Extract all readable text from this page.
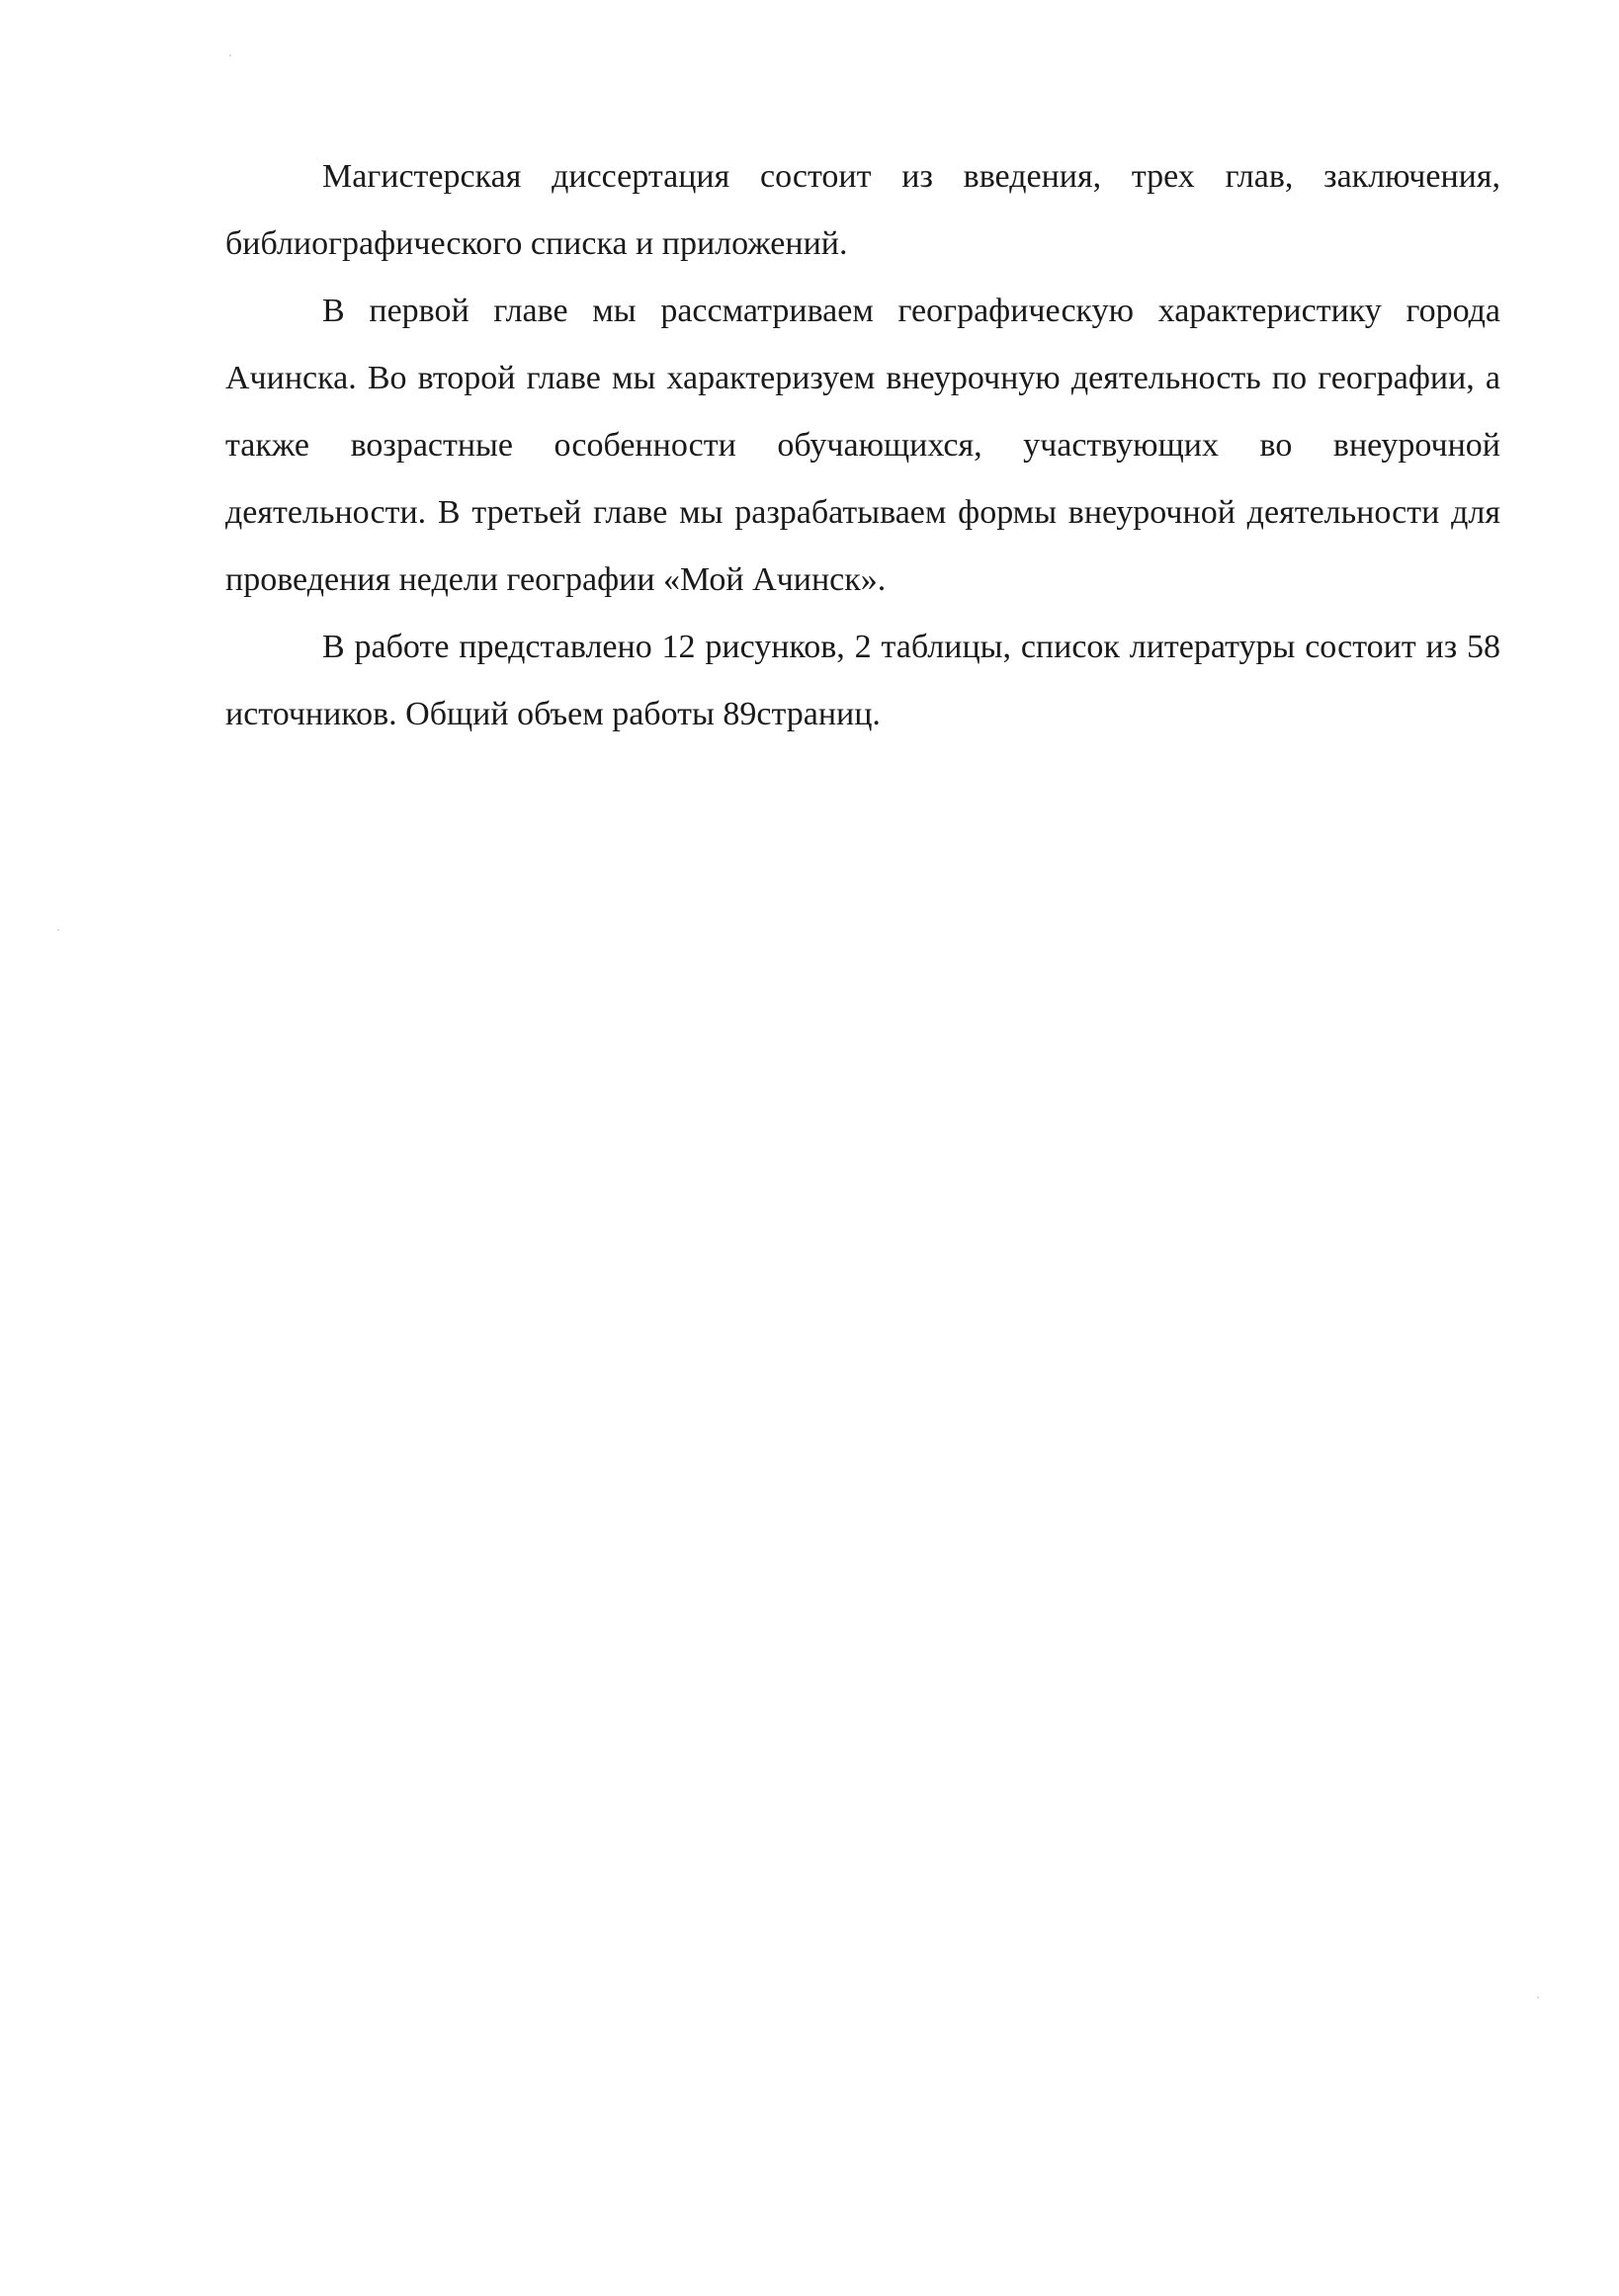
Магистерская диссертация состоит из введения, трех глав, заключения, библиографического списка и приложений.

В первой главе мы рассматриваем географическую характеристику города Ачинска. Во второй главе мы характеризуем внеурочную деятельность по географии, а также возрастные особенности обучающихся, участвующих во внеурочной деятельности. В третьей главе мы разрабатываем формы внеурочной деятельности для проведения недели географии «Мой Ачинск».

В работе представлено 12 рисунков, 2 таблицы, список литературы состоит из 58 источников. Общий объем работы 89страниц.
